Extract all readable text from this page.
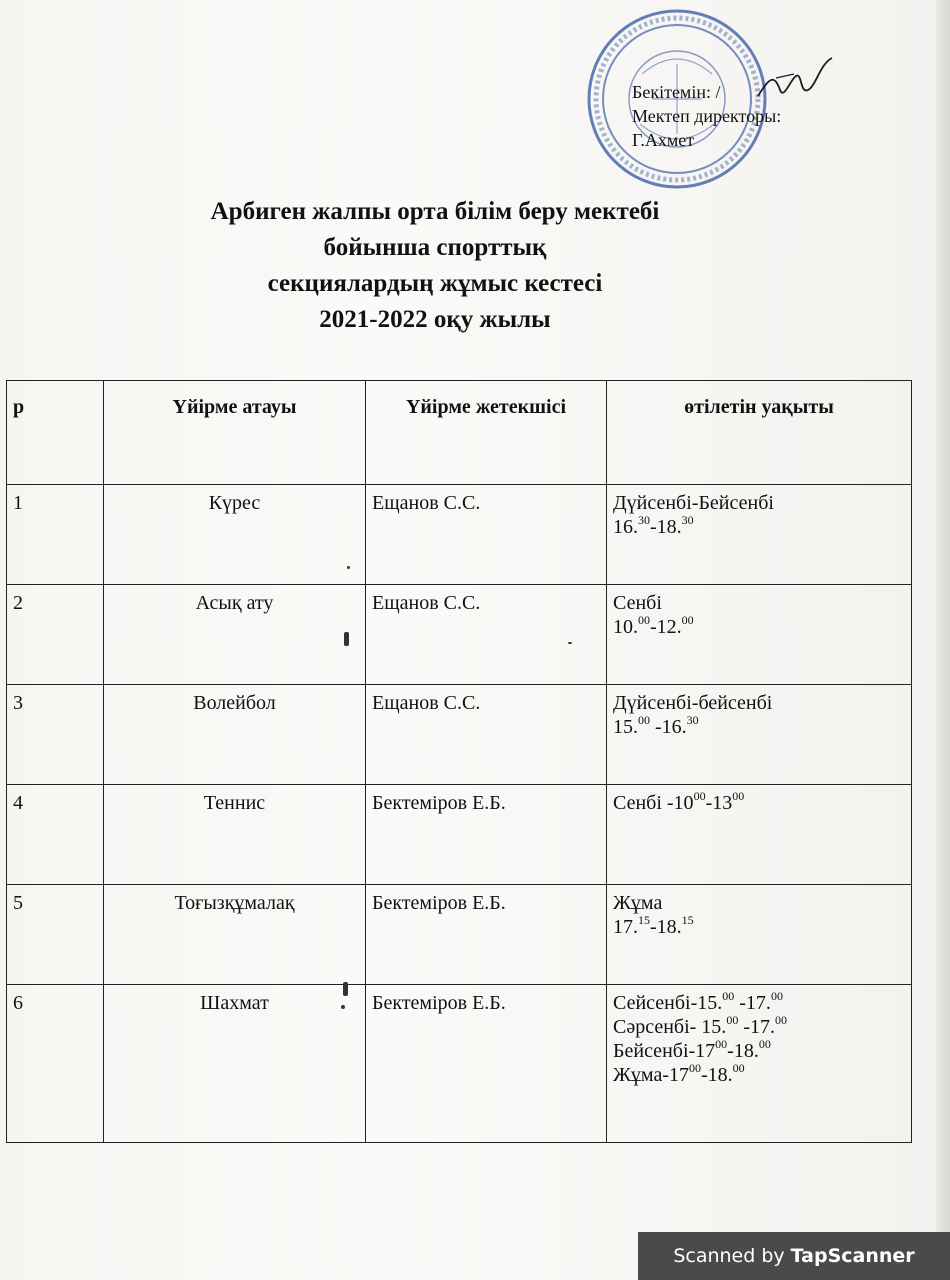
Бекітемін: /
Мектеп директоры:
Г.Ахмет
Арбиген жалпы орта білім беру мектебі
бойынша спорттық
секциялардың жұмыс кестесі
2021-2022 оқу жылы
р	Үйірме атауы	Үйірме жетекшісі	өтілетін уақыты
1	Күрес	Ещанов С.С.	Дүйсенбі-Бейсенбі
16.30-18.30

2	Асық ату	Ещанов С.С.	Сенбі
10.00-12.00

3	Волейбол	Ещанов С.С.	Дүйсенбі-бейсенбі
15.00 -16.30

4	Теннис	Бектеміров Е.Б.	Сенбі $-10^{00}-13^{00}$

5	Тоғызқұмалақ	Бектеміров Е.Б.	Жұма
17.15-18.15

6	Шахмат	Бектеміров Е.Б.	Сейсенбі-15.00 -17.00
Сәрсенбі- 15.00 -17.00
Бейсенбі-$17^{00}-18.00$
Жұма-$17^{00}-18.00$
Scanned by TapScanner
